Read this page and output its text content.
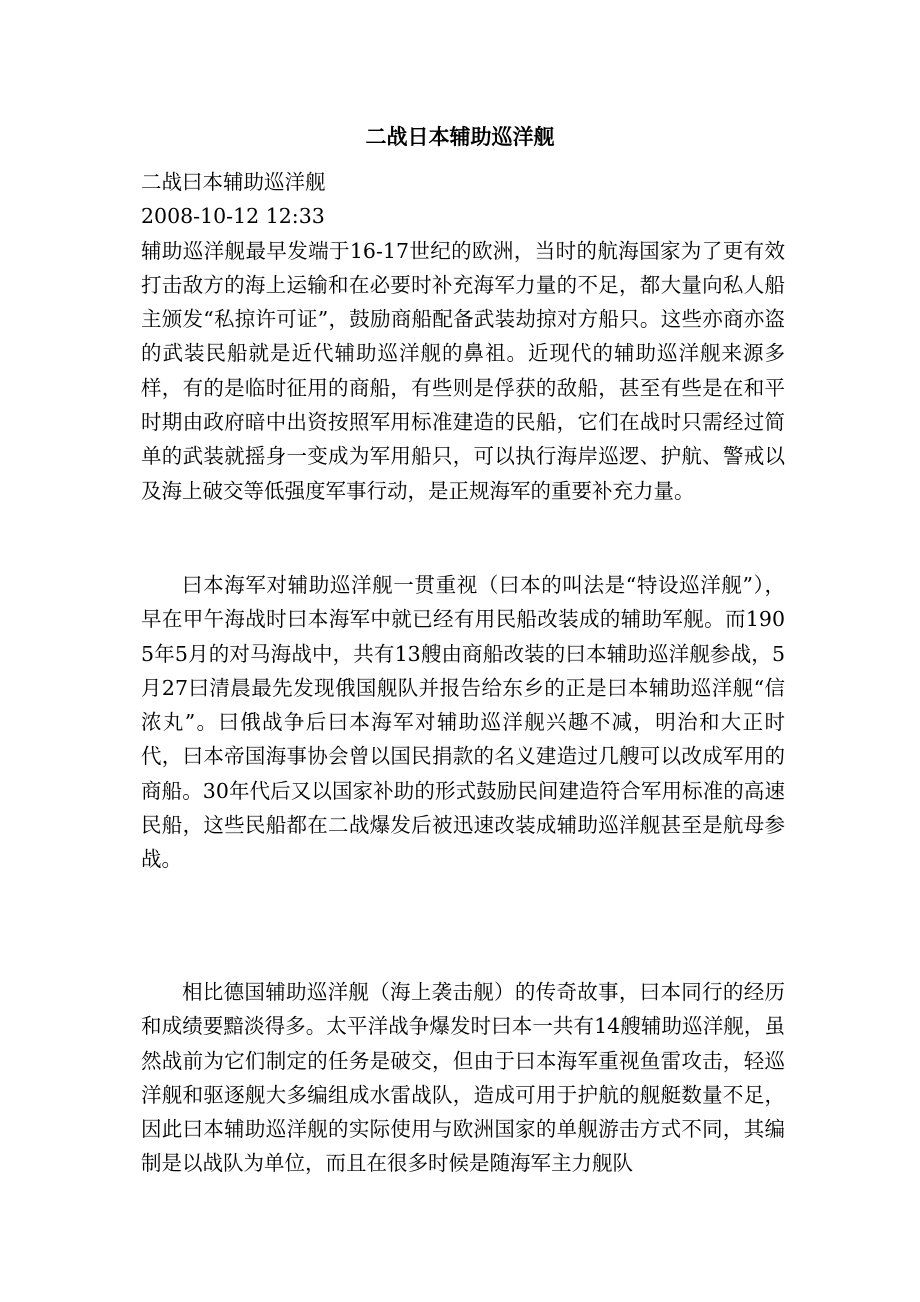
二战日本辅助巡洋舰
二战曰本辅助巡洋舰
2008-10-12 12:33

辅助巡洋舰最早发端于16-17世纪的欧洲，当时的航海国家为了更有效打击敌方的海上运输和在必要时补充海军力量的不足，都大量向私人船主颁发“私掠许可证”，鼓励商船配备武装劫掠对方船只。这些亦商亦盗的武装民船就是近代辅助巡洋舰的鼻祖。近现代的辅助巡洋舰来源多样，有的是临时征用的商船，有些则是俘获的敌船，甚至有些是在和平时期由政府暗中出资按照军用标准建造的民船，它们在战时只需经过简单的武装就摇身一变成为军用船只，可以执行海岸巡逻、护航、警戒以及海上破交等低强度军事行动，是正规海军的重要补充力量。

曰本海军对辅助巡洋舰一贯重视（曰本的叫法是“特设巡洋舰”），早在甲午海战时曰本海军中就已经有用民船改装成的辅助军舰。而1905年5月的对马海战中，共有13艘由商船改装的曰本辅助巡洋舰参战，5月27曰清晨最先发现俄国舰队并报告给东乡的正是曰本辅助巡洋舰“信浓丸”。曰俄战争后曰本海军对辅助巡洋舰兴趣不减，明治和大正时代，曰本帝国海事协会曾以国民捐款的名义建造过几艘可以改成军用的商船。30年代后又以国家补助的形式鼓励民间建造符合军用标准的高速民船，这些民船都在二战爆发后被迅速改装成辅助巡洋舰甚至是航母参战。

相比德国辅助巡洋舰（海上袭击舰）的传奇故事，曰本同行的经历和成绩要黯淡得多。太平洋战争爆发时曰本一共有14艘辅助巡洋舰，虽然战前为它们制定的任务是破交，但由于曰本海军重视鱼雷攻击，轻巡洋舰和驱逐舰大多编组成水雷战队，造成可用于护航的舰艇数量不足，因此曰本辅助巡洋舰的实际使用与欧洲国家的单舰游击方式不同，其编制是以战队为单位，而且在很多时候是随海军主力舰队
